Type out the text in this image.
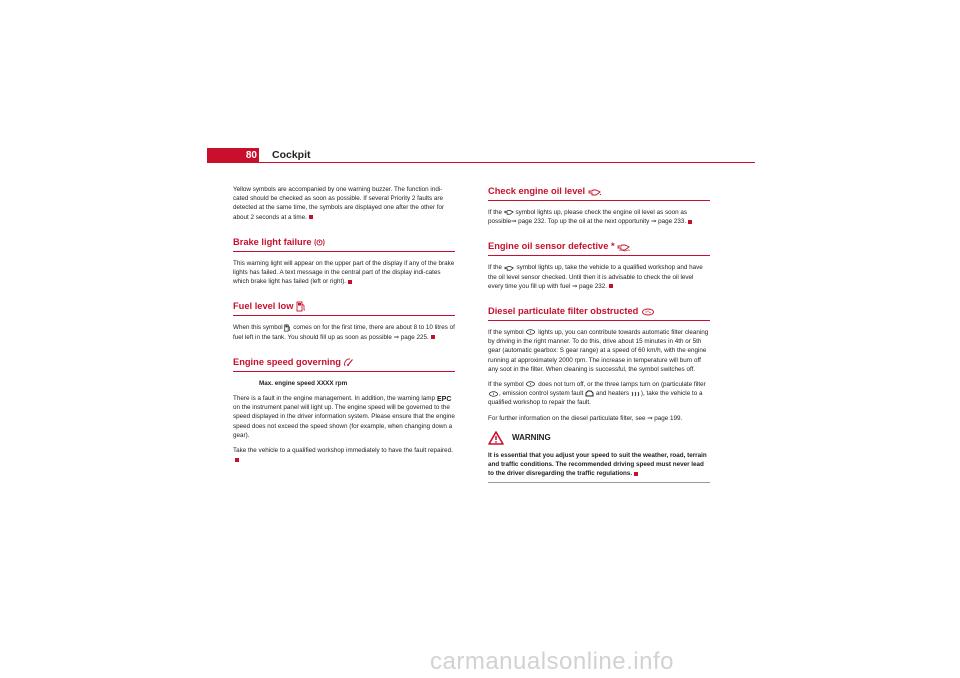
80 Cockpit

Yellow symbols are accompanied by one warning buzzer. The function indi-cated should be checked as soon as possible. If several Priority 2 faults are detected at the same time, the symbols are displayed one after the other for about 2 seconds at a time.

Brake light failure

This warning light will appear on the upper part of the display if any of the brake lights has failed. A text message in the central part of the display indi-cates which brake light has failed (left or right).

Fuel level low

When this symbol comes on for the first time, there are about 8 to 10 litres of fuel left in the tank. You should fill up as soon as possible ⇒ page 225.

Engine speed governing

Max. engine speed XXXX rpm

There is a fault in the engine management. In addition, the warning lamp EPC
on the instrument panel will light up. The engine speed will be governed to the speed displayed in the driver information system. Please ensure that the engine speed does not exceed the speed shown (for example, when changing down a gear).

Take the vehicle to a qualified workshop immediately to have the fault repaired.

Check engine oil level

If the symbol lights up, please check the engine oil level as soon as possible⇒ page 232. Top up the oil at the next opportunity ⇒ page 233.

Engine oil sensor defective *

If the symbol lights up, take the vehicle to a qualified workshop and have the oil level sensor checked. Until then it is advisable to check the oil level every time you fill up with fuel ⇒ page 232.

Diesel particulate filter obstructed

If the symbol lights up, you can contribute towards automatic filter cleaning by driving in the right manner. To do this, drive about 15 minutes in 4th or 5th gear (automatic gearbox: S gear range) at a speed of 60 km/h, with the engine running at approximately 2000 rpm. The increase in temperature will burn off any soot in the filter. When cleaning is successful, the symbol switches off.

If the symbol does not turn off, or the three lamps turn on (particulate filter
, emission control system fault and heaters ), take the vehicle to a qualified workshop to repair the fault.

For further information on the diesel particulate filter, see ⇒ page 199.

WARNING

It is essential that you adjust your speed to suit the weather, road, terrain and traffic conditions. The recommended driving speed must never lead to the driver disregarding the traffic regulations.

carmanualsonline.info
